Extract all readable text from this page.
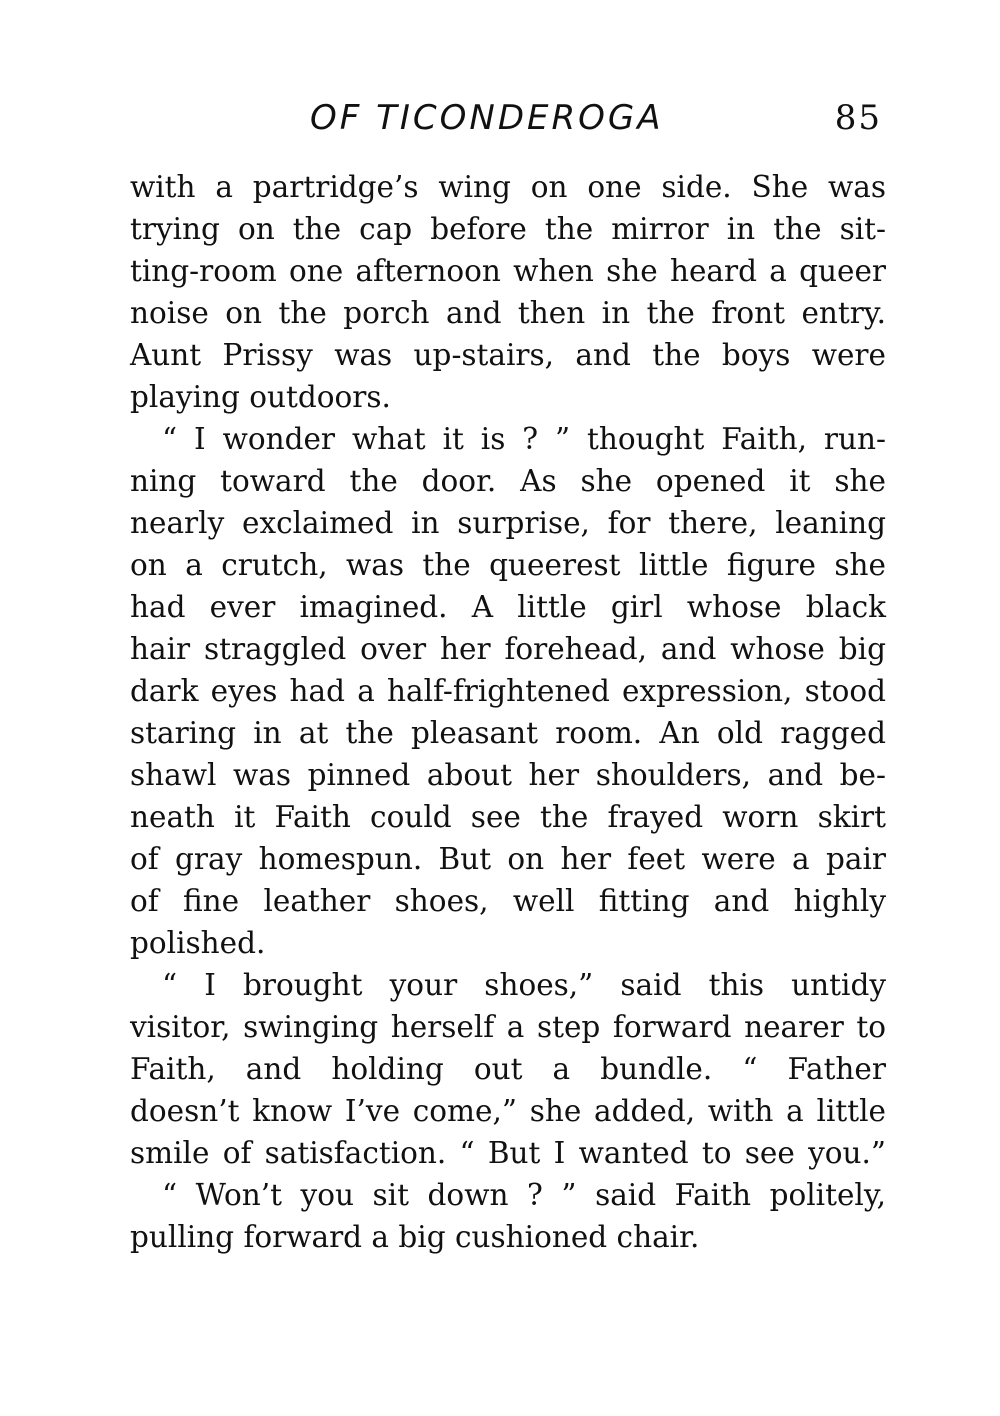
OF TICONDEROGA	85
with a partridge’s wing on one side. She was
trying on the cap before the mirror in the sit-
ting-room one afternoon when she heard a queer
noise on the porch and then in the front entry.
Aunt Prissy was up-stairs, and the boys were
playing outdoors.
“ I wonder what it is ? ” thought Faith, run-
ning toward the door. As she opened it she
nearly exclaimed in surprise, for there, leaning
on a crutch, was the queerest little figure she
had ever imagined. A little girl whose black
hair straggled over her forehead, and whose big
dark eyes had a half-frightened expression, stood
staring in at the pleasant room. An old ragged
shawl was pinned about her shoulders, and be-
neath it Faith could see the frayed worn skirt
of gray homespun. But on her feet were a pair
of fine leather shoes, well fitting and highly
polished.
“ I brought your shoes,” said this untidy
visitor, swinging herself a step forward nearer to
Faith, and holding out a bundle. “ Father
doesn’t know I’ve come,” she added, with a little
smile of satisfaction. “ But I wanted to see you.”
“ Won’t you sit down ? ” said Faith politely,
pulling forward a big cushioned chair.
